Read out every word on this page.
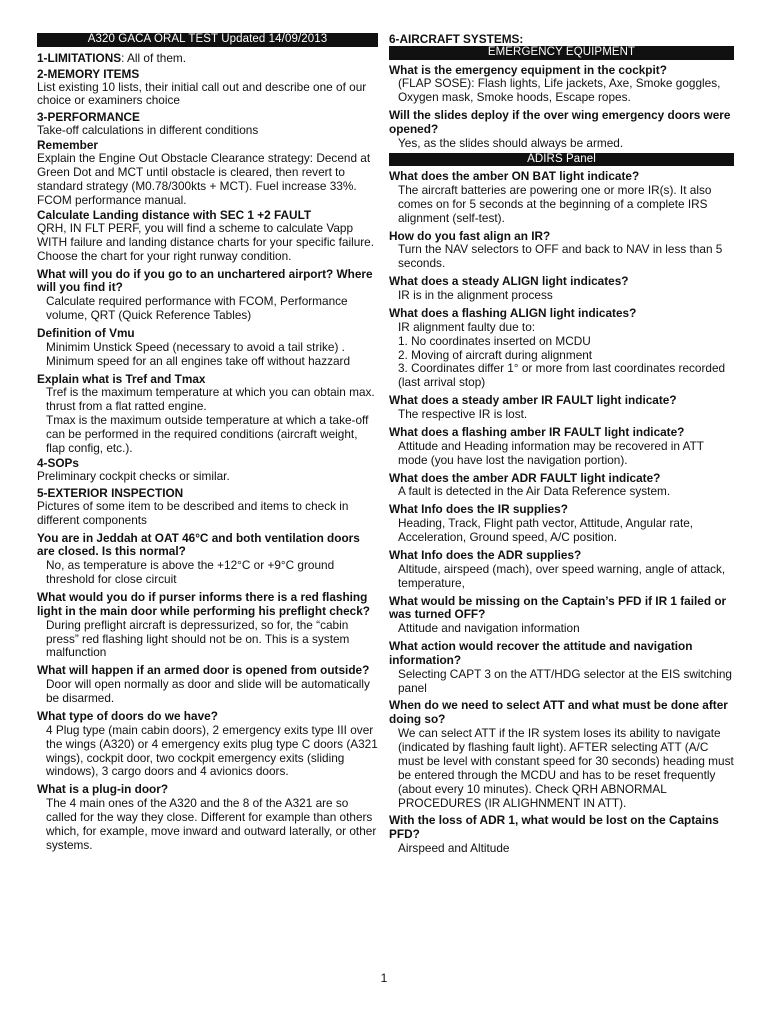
A320 GACA ORAL TEST Updated 14/09/2013
1-LIMITATIONS: All of them.
2-MEMORY ITEMS
List existing 10 lists, their initial call out and describe one of our choice or examiners choice
3-PERFORMANCE
Take-off calculations in different conditions
Remember
Explain the Engine Out Obstacle Clearance strategy: Decend at Green Dot and MCT until obstacle is cleared, then revert to standard strategy (M0.78/300kts + MCT). Fuel increase 33%. FCOM performance manual.
Calculate Landing distance with SEC 1 +2 FAULT
QRH, IN FLT PERF, you will find a scheme to calculate Vapp WITH failure and landing distance charts for your specific failure. Choose the chart for your right runway condition.
What will you do if you go to an unchartered airport? Where will you find it?
Calculate required performance with FCOM, Performance volume, QRT (Quick Reference Tables)
Definition of Vmu
Minimim Unstick Speed (necessary to avoid a tail strike) . Minimum speed for an all engines take off without hazzard
Explain what is Tref and Tmax
Tref is the maximum temperature at which you can obtain max. thrust from a flat ratted engine.
Tmax is the maximum outside temperature at which a take-off can be performed in the required conditions (aircraft weight, flap config, etc.).
4-SOPs
Preliminary cockpit checks or similar.
5-EXTERIOR INSPECTION
Pictures of some item to be described and items to check in different components
You are in Jeddah at OAT 46°C and both ventilation doors are closed. Is this normal?
No, as temperature is above the +12°C or +9°C ground threshold for close circuit
What would you do if purser informs there is a red flashing light in the main door while performing his preflight check?
During preflight aircraft is depressurized, so for, the “cabin press” red flashing light should not be on. This is a system malfunction
What will happen if an armed door is opened from outside?
Door will open normally as door and slide will be automatically be disarmed.
What type of doors do we have?
4 Plug type (main cabin doors), 2 emergency exits type III over the wings (A320) or 4 emergency exits plug type C doors (A321 wings), cockpit door, two cockpit emergency exits (sliding windows), 3 cargo doors and 4 avionics doors.
What is a plug-in door?
The 4 main ones of the A320 and the 8 of the A321 are so called for the way they close. Different for example than others which, for example, move inward and outward laterally, or other systems.
6-AIRCRAFT SYSTEMS:
EMERGENCY EQUIPMENT
What is the emergency equipment in the cockpit?
(FLAP SOSE): Flash lights, Life jackets, Axe, Smoke goggles, Oxygen mask, Smoke hoods, Escape ropes.
Will the slides deploy if the over wing emergency doors were opened?
Yes, as the slides should always be armed.
ADIRS Panel
What does the amber ON BAT light indicate?
The aircraft batteries are powering one or more IR(s). It also comes on for 5 seconds at the beginning of a complete IRS alignment (self-test).
How do you fast align an IR?
Turn the NAV selectors to OFF and back to NAV in less than 5 seconds.
What does a steady ALIGN light indicates?
IR is in the alignment process
What does a flashing ALIGN light indicates?
IR alignment faulty due to:
1. No coordinates inserted on MCDU
2. Moving of aircraft during alignment
3. Coordinates differ 1° or more from last coordinates recorded (last arrival stop)
What does a steady amber IR FAULT light indicate?
The respective IR is lost.
What does a flashing amber IR FAULT light indicate?
Attitude and Heading information may be recovered in ATT mode (you have lost the navigation portion).
What does the amber ADR FAULT light indicate?
A fault is detected in the Air Data Reference system.
What Info does the IR supplies?
Heading, Track, Flight path vector, Attitude, Angular rate, Acceleration, Ground speed, A/C position.
What Info does the ADR supplies?
Altitude, airspeed (mach), over speed warning, angle of attack, temperature,
What would be missing on the Captain’s PFD if IR 1 failed or was turned OFF?
Attitude and navigation information
What action would recover the attitude and navigation information?
Selecting CAPT 3 on the ATT/HDG selector at the EIS switching panel
When do we need to select ATT and what must be done after doing so?
We can select ATT if the IR system loses its ability to navigate (indicated by flashing fault light). AFTER selecting ATT (A/C must be level with constant speed for 30 seconds) heading must be entered through the MCDU and has to be reset frequently (about every 10 minutes). Check QRH ABNORMAL PROCEDURES (IR ALIGHNMENT IN ATT).
With the loss of ADR 1, what would be lost on the Captains PFD?
Airspeed and Altitude
1
